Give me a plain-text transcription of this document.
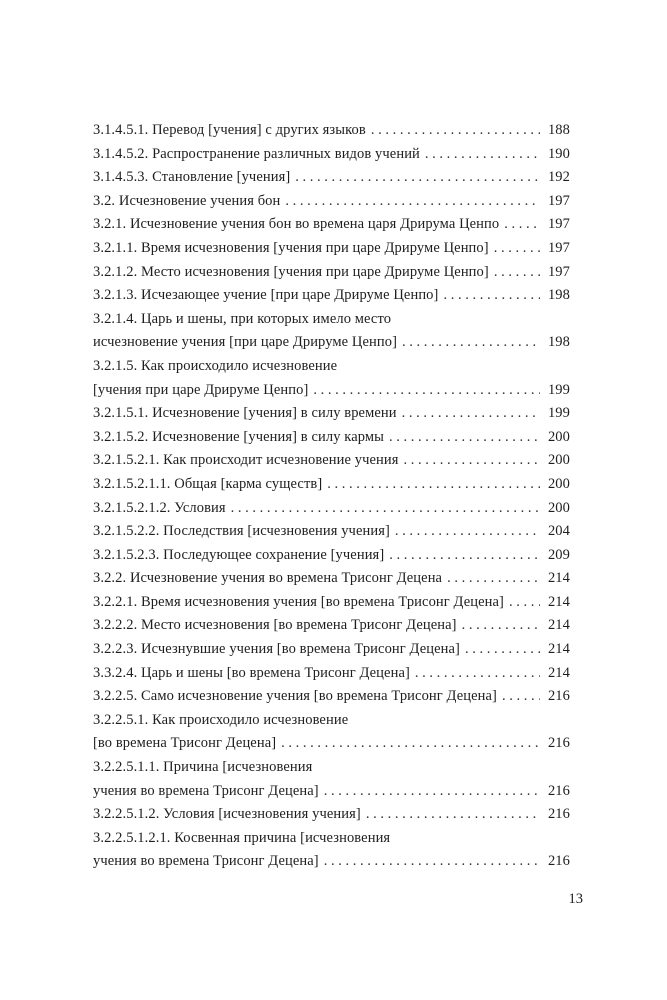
3.1.4.5.1. Перевод [учения] с других языков . . .	188
3.1.4.5.2. Распространение различных видов учений . . .	190
3.1.4.5.3. Становление [учения] . . .	192
3.2. Исчезновение учения бон . . .	197
3.2.1. Исчезновение учения бон во времена царя Дрирума Ценпо . . .	197
3.2.1.1. Время исчезновения [учения при царе Дрируме Ценпо] . . .	197
3.2.1.2. Место исчезновения [учения при царе Дрируме Ценпо] . . .	197
3.2.1.3. Исчезающее учение [при царе Дрируме Ценпо] . . .	198
3.2.1.4. Царь и шены, при которых имело место
исчезновение учения [при царе Дрируме Ценпо] . . .	198
3.2.1.5. Как происходило исчезновение
[учения при царе Дрируме Ценпо] . . .	199
3.2.1.5.1. Исчезновение [учения] в силу времени . . .	199
3.2.1.5.2. Исчезновение [учения] в силу кармы . . .	200
3.2.1.5.2.1. Как происходит исчезновение учения . . .	200
3.2.1.5.2.1.1. Общая [карма существ] . . .	200
3.2.1.5.2.1.2. Условия . . .	200
3.2.1.5.2.2. Последствия [исчезновения учения] . . .	204
3.2.1.5.2.3. Последующее сохранение [учения] . . .	209
3.2.2. Исчезновение учения во времена Трисонг Децена . . .	214
3.2.2.1. Время исчезновения учения [во времена Трисонг Децена] . . .	214
3.2.2.2. Место исчезновения [во времена Трисонг Децена] . . .	214
3.2.2.3. Исчезнувшие учения [во времена Трисонг Децена] . . .	214
3.3.2.4. Царь и шены [во времена Трисонг Децена] . . .	214
3.2.2.5. Само исчезновение учения [во времена Трисонг Децена] . . .	216
3.2.2.5.1. Как происходило исчезновение
[во времена Трисонг Децена] . . .	216
3.2.2.5.1.1. Причина [исчезновения
учения во времена Трисонг Децена] . . .	216
3.2.2.5.1.2. Условия [исчезновения учения] . . .	216
3.2.2.5.1.2.1. Косвенная причина [исчезновения
учения во времена Трисонг Децена] . . .	216
13
